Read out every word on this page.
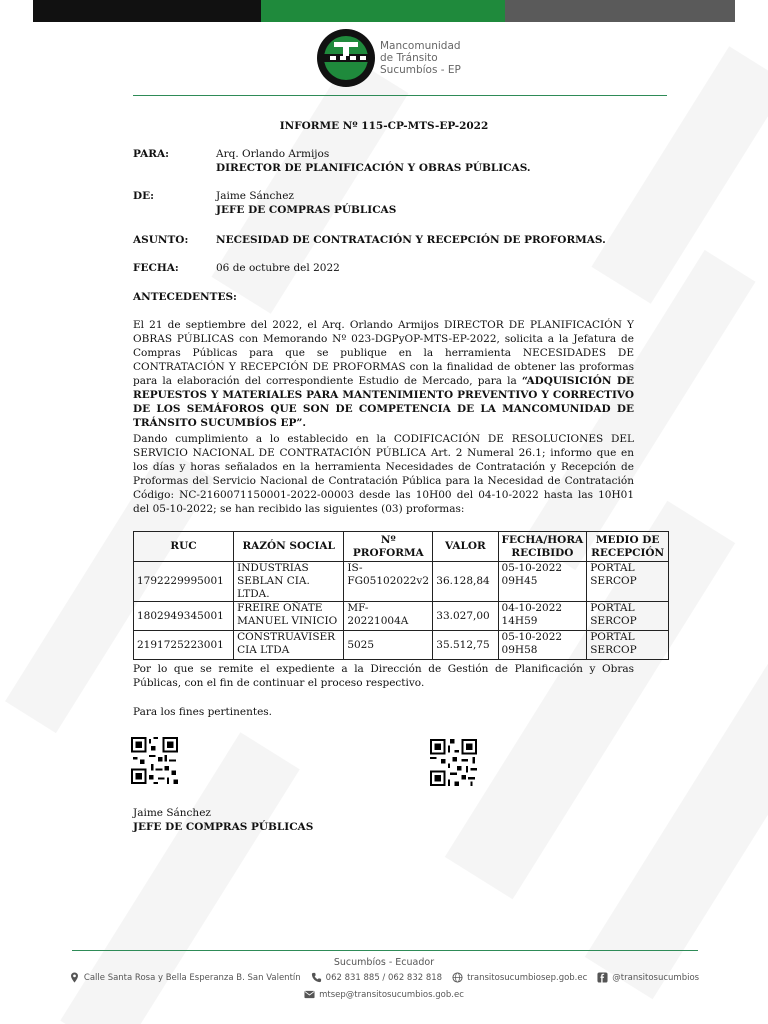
Mancomunidad
de Tránsito
Sucumbíos - EP
INFORME Nº 115-CP-MTS-EP-2022
PARA:	Arq. Orlando Armijos
DIRECTOR DE PLANIFICACIÓN Y OBRAS PÚBLICAS.
DE:	Jaime Sánchez
JEFE DE COMPRAS PÚBLICAS
ASUNTO:	NECESIDAD DE CONTRATACIÓN Y RECEPCIÓN DE PROFORMAS.
FECHA:	06 de octubre del 2022
ANTECEDENTES:
El 21 de septiembre del 2022, el Arq. Orlando Armijos DIRECTOR DE PLANIFICACIÓN Y OBRAS PÚBLICAS con Memorando Nº 023-DGPyOP-MTS-EP-2022, solicita a la Jefatura de Compras Públicas para que se publique en la herramienta NECESIDADES DE CONTRATACIÓN Y RECEPCIÓN DE PROFORMAS con la finalidad de obtener las proformas para la elaboración del correspondiente Estudio de Mercado, para la “ADQUISICIÓN DE REPUESTOS Y MATERIALES PARA MANTENIMIENTO PREVENTIVO Y CORRECTIVO DE LOS SEMÁFOROS QUE SON DE COMPETENCIA DE LA MANCOMUNIDAD DE TRÁNSITO SUCUMBÍOS EP”.
Dando cumplimiento a lo establecido en la CODIFICACIÓN DE RESOLUCIONES DEL SERVICIO NACIONAL DE CONTRATACIÓN PÚBLICA Art. 2 Numeral 26.1; informo que en los días y horas señalados en la herramienta Necesidades de Contratación y Recepción de Proformas del Servicio Nacional de Contratación Pública para la Necesidad de Contratación Código: NC-2160071150001-2022-00003 desde las 10H00 del 04-10-2022 hasta las 10H01 del 05-10-2022; se han recibido las siguientes (03) proformas:
RUC	RAZÓN SOCIAL	Nº PROFORMA	VALOR	FECHA/HORA RECIBIDO	MEDIO DE RECEPCIÓN
1792229995001	INDUSTRIAS SEBLAN CIA. LTDA.	IS-FG05102022v2	36.128,84	05-10-2022 09H45	PORTAL SERCOP
1802949345001	FREIRE OÑATE MANUEL VINICIO	MF-20221004A	33.027,00	04-10-2022 14H59	PORTAL SERCOP
2191725223001	CONSTRUAVISER CIA LTDA	5025	35.512,75	05-10-2022 09H58	PORTAL SERCOP
Por lo que se remite el expediente a la Dirección de Gestión de Planificación y Obras Públicas, con el fin de continuar el proceso respectivo.
Para los fines pertinentes.
Jaime Sánchez
JEFE DE COMPRAS PÚBLICAS
Sucumbíos - Ecuador
Calle Santa Rosa y Bella Esperanza B. San Valentín	062 831 885 / 062 832 818	transitosucumbiosep.gob.ec	@transitosucumbios
mtsep@transitosucumbios.gob.ec
